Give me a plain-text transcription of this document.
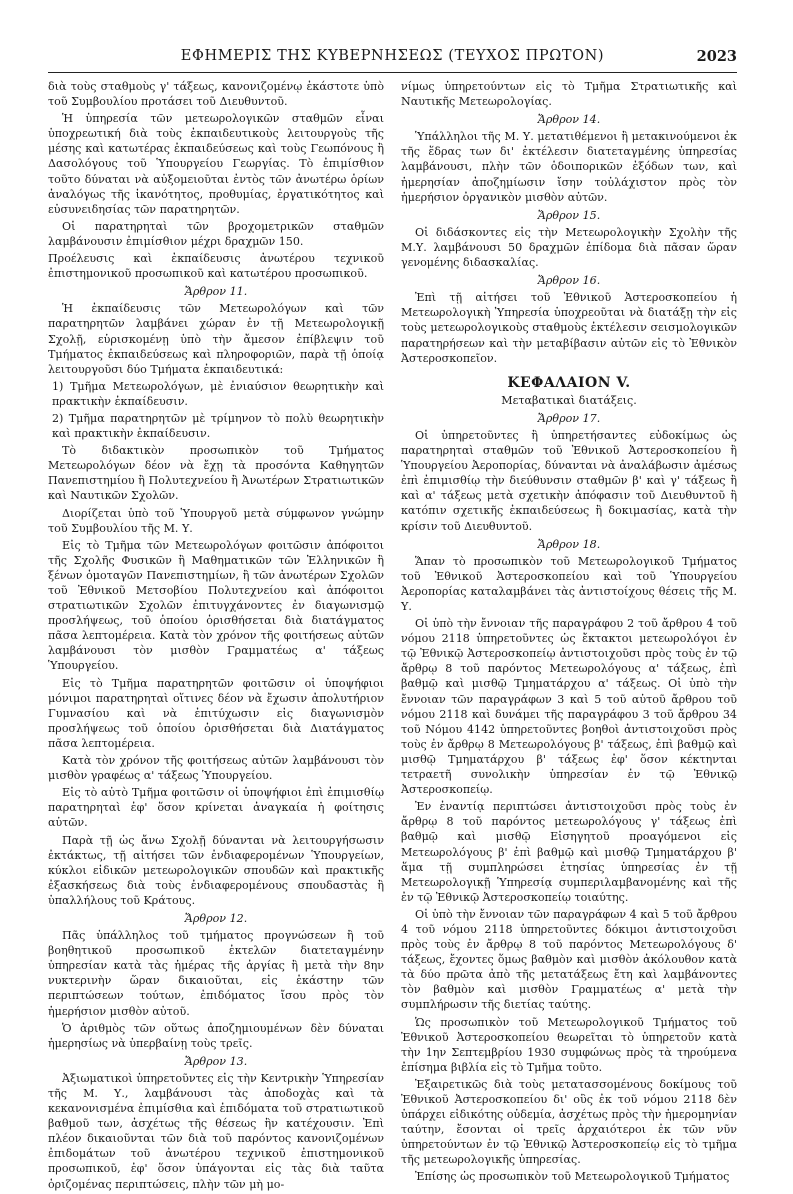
ΕΦΗΜΕΡΙΣ ΤΗΣ ΚΥΒΕΡΝΗΣΕΩΣ (ΤΕΥΧΟΣ ΠΡΩΤΟΝ)	2023

διὰ τοὺς σταθμοὺς γ' τάξεως, κανονιζομένῳ ἑκάστοτε ὑπὸ τοῦ Συμβουλίου προτάσει τοῦ Διευθυντοῦ.

Ἡ ὑπηρεσία τῶν μετεωρολογικῶν σταθμῶν εἶναι ὑποχρεωτική διὰ τοὺς ἐκπαιδευτικοὺς λειτουργοὺς τῆς μέσης καὶ κατωτέρας ἐκπαιδεύσεως καὶ τοὺς Γεωπόνους ἢ Δασολόγους τοῦ Ὑπουργείου Γεωργίας. Τὸ ἐπιμίσθιον τοῦτο δύναται νὰ αὐξομειοῦται ἐντὸς τῶν ἀνωτέρω ὁρίων ἀναλόγως τῆς ἱκανότητος, προθυμίας, ἐργατικότητος καὶ εὐσυνειδησίας τῶν παρατηρητῶν.

Οἱ παρατηρηταὶ τῶν βροχομετρικῶν σταθμῶν λαμβάνουσιν ἐπιμίσθιον μέχρι δραχμῶν 150.

Προέλευσις καὶ ἐκπαίδευσις ἀνωτέρου τεχνικοῦ ἐπιστημονικοῦ προσωπικοῦ καὶ κατωτέρου προσωπικοῦ.

Ἄρθρον 11.

Ἡ ἐκπαίδευσις τῶν Μετεωρολόγων καὶ τῶν παρατηρητῶν λαμβάνει χώραν ἐν τῇ Μετεωρολογικῇ Σχολῇ, εὑρισκομένῃ ὑπὸ τὴν ἄμεσον ἐπίβλεψιν τοῦ Τμήματος ἐκπαιδεύσεως καὶ πληροφοριῶν, παρὰ τῇ ὁποίᾳ λειτουργοῦσι δύο Τμήματα ἐκπαιδευτικά:

1) Τμῆμα Μετεωρολόγων, μὲ ἐνιαύσιον θεωρητικὴν καὶ πρακτικὴν ἐκπαίδευσιν.

2) Τμῆμα παρατηρητῶν μὲ τρίμηνον τὸ πολὺ θεωρητικὴν καὶ πρακτικὴν ἐκπαίδευσιν.

Τὸ διδακτικὸν προσωπικὸν τοῦ Τμήματος Μετεωρολόγων δέον νὰ ἔχῃ τὰ προσόντα Καθηγητῶν Πανεπιστημίου ἢ Πολυτεχνείου ἢ Ἀνωτέρων Στρατιωτικῶν καὶ Ναυτικῶν Σχολῶν.

Διορίζεται ὑπὸ τοῦ Ὑπουργοῦ μετὰ σύμφωνον γνώμην τοῦ Συμβουλίου τῆς Μ. Υ.

Εἰς τὸ Τμῆμα τῶν Μετεωρολόγων φοιτῶσιν ἀπόφοιτοι τῆς Σχολῆς Φυσικῶν ἢ Μαθηματικῶν τῶν Ἑλληνικῶν ἢ ξένων ὁμοταγῶν Πανεπιστημίων, ἢ τῶν ἀνωτέρων Σχολῶν τοῦ Ἐθνικοῦ Μετσοβίου Πολυτεχνείου καὶ ἀπόφοιτοι στρατιωτικῶν Σχολῶν ἐπιτυγχάνοντες ἐν διαγωνισμῷ προσλήψεως, τοῦ ὁποίου ὁρισθήσεται διὰ διατάγματος πᾶσα λεπτομέρεια. Κατὰ τὸν χρόνον τῆς φοιτήσεως αὐτῶν λαμβάνουσι τὸν μισθὸν Γραμματέως α' τάξεως Ὑπουργείου.

Εἰς τὸ Τμῆμα παρατηρητῶν φοιτῶσιν οἱ ὑποψήφιοι μόνιμοι παρατηρηταὶ οἵτινες δέον νὰ ἔχωσιν ἀπολυτήριον Γυμνασίου καὶ νὰ ἐπιτύχωσιν εἰς διαγωνισμὸν προσλήψεως τοῦ ὁποίου ὁρισθήσεται διὰ Διατάγματος πᾶσα λεπτομέρεια.

Κατὰ τὸν χρόνον τῆς φοιτήσεως αὐτῶν λαμβάνουσι τὸν μισθὸν γραφέως α' τάξεως Ὑπουργείου.

Εἰς τὸ αὐτὸ Τμῆμα φοιτῶσιν οἱ ὑποψήφιοι ἐπὶ ἐπιμισθίῳ παρατηρηταὶ ἐφ' ὅσον κρίνεται ἀναγκαία ἡ φοίτησις αὐτῶν.

Παρὰ τῇ ὡς ἄνω Σχολῇ δύνανται νὰ λειτουργήσωσιν ἐκτάκτως, τῇ αἰτήσει τῶν ἐνδιαφερομένων Ὑπουργείων, κύκλοι εἰδικῶν μετεωρολογικῶν σπουδῶν καὶ πρακτικῆς ἐξασκήσεως διὰ τοὺς ἐνδιαφερομένους σπουδαστὰς ἢ ὑπαλλήλους τοῦ Κράτους.

Ἄρθρον 12.

Πᾶς ὑπάλληλος τοῦ τμήματος προγνώσεων ἢ τοῦ βοηθητικοῦ προσωπικοῦ ἐκτελῶν διατεταγμένην ὑπηρεσίαν κατὰ τὰς ἡμέρας τῆς ἀργίας ἢ μετὰ τὴν 8ην νυκτερινὴν ὥραν δικαιοῦται, εἰς ἑκάστην τῶν περιπτώσεων τούτων, ἐπιδόματος ἴσου πρὸς τὸν ἡμερήσιον μισθὸν αὐτοῦ.

Ὁ ἀριθμὸς τῶν οὕτως ἀποζημιουμένων δὲν δύναται ἡμερησίως νὰ ὑπερβαίνῃ τοὺς τρεῖς.

Ἄρθρον 13.

Ἀξιωματικοὶ ὑπηρετοῦντες εἰς τὴν Κεντρικὴν Ὑπηρεσίαν τῆς Μ. Υ., λαμβάνουσι τὰς ἀποδοχὰς καὶ τὰ κεκανονισμένα ἐπιμίσθια καὶ ἐπιδόματα τοῦ στρατιωτικοῦ βαθμοῦ των, ἀσχέτως τῆς θέσεως ἣν κατέχουσιν. Ἐπὶ πλέον δικαιοῦνται τῶν διὰ τοῦ παρόντος κανονιζομένων ἐπιδομάτων τοῦ ἀνωτέρου τεχνικοῦ ἐπιστημονικοῦ προσωπικοῦ, ἐφ' ὅσον ὑπάγονται εἰς τὰς διὰ ταῦτα ὁριζομένας περιπτώσεις, πλὴν τῶν μὴ μο-

νίμως ὑπηρετούντων εἰς τὸ Τμῆμα Στρατιωτικῆς καὶ Ναυτικῆς Μετεωρολογίας.

Ἄρθρον 14.

Ὑπάλληλοι τῆς Μ. Υ. μετατιθέμενοι ἢ μετακινούμενοι ἐκ τῆς ἕδρας των δι' ἐκτέλεσιν διατεταγμένης ὑπηρεσίας λαμβάνουσι, πλὴν τῶν ὁδοιπορικῶν ἐξόδων των, καὶ ἡμερησίαν ἀποζημίωσιν ἴσην τοὐλάχιστον πρὸς τὸν ἡμερήσιον ὀργανικὸν μισθὸν αὐτῶν.

Ἄρθρον 15.

Οἱ διδάσκοντες εἰς τὴν Μετεωρολογικὴν Σχολὴν τῆς Μ.Υ. λαμβάνουσι 50 δραχμῶν ἐπίδομα διὰ πᾶσαν ὥραν γενομένης διδασκαλίας.

Ἄρθρον 16.

Ἐπὶ τῇ αἰτήσει τοῦ Ἐθνικοῦ Ἀστεροσκοπείου ἡ Μετεωρολογικὴ Ὑπηρεσία ὑποχρεοῦται νὰ διατάξῃ τὴν εἰς τοὺς μετεωρολογικοὺς σταθμοὺς ἐκτέλεσιν σεισμολογικῶν παρατηρήσεων καὶ τὴν μεταβίβασιν αὐτῶν εἰς τὸ Ἐθνικὸν Ἀστεροσκοπεῖον.

ΚΕΦΑΛΑΙΟΝ V.
Μεταβατικαὶ διατάξεις.
Ἄρθρον 17.

Οἱ ὑπηρετοῦντες ἢ ὑπηρετήσαντες εὐδοκίμως ὡς παρατηρηταὶ σταθμῶν τοῦ Ἐθνικοῦ Ἀστεροσκοπείου ἢ Ὑπουργείου Ἀεροπορίας, δύνανται νὰ ἀναλάβωσιν ἀμέσως ἐπὶ ἐπιμισθίῳ τὴν διεύθυνσιν σταθμῶν β' καὶ γ' τάξεως ἢ καὶ α' τάξεως μετὰ σχετικὴν ἀπόφασιν τοῦ Διευθυντοῦ ἢ κατόπιν σχετικῆς ἐκπαιδεύσεως ἢ δοκιμασίας, κατὰ τὴν κρίσιν τοῦ Διευθυντοῦ.

Ἄρθρον 18.

Ἅπαν τὸ προσωπικὸν τοῦ Μετεωρολογικοῦ Τμήματος τοῦ Ἐθνικοῦ Ἀστεροσκοπείου καὶ τοῦ Ὑπουργείου Ἀεροπορίας καταλαμβάνει τὰς ἀντιστοίχους θέσεις τῆς Μ. Υ.

Οἱ ὑπὸ τὴν ἔννοιαν τῆς παραγράφου 2 τοῦ ἄρθρου 4 τοῦ νόμου 2118 ὑπηρετοῦντες ὡς ἔκτακτοι μετεωρολόγοι ἐν τῷ Ἐθνικῷ Ἀστεροσκοπείῳ ἀντιστοιχοῦσι πρὸς τοὺς ἐν τῷ ἄρθρῳ 8 τοῦ παρόντος Μετεωρολόγους α' τάξεως, ἐπὶ βαθμῷ καὶ μισθῷ Τμηματάρχου α' τάξεως. Οἱ ὑπὸ τὴν ἔννοιαν τῶν παραγράφων 3 καὶ 5 τοῦ αὐτοῦ ἄρθρου τοῦ νόμου 2118 καὶ δυνάμει τῆς παραγράφου 3 τοῦ ἄρθρου 34 τοῦ Νόμου 4142 ὑπηρετοῦντες βοηθοὶ ἀντιστοιχοῦσι πρὸς τοὺς ἐν ἄρθρῳ 8 Μετεωρολόγους β' τάξεως, ἐπὶ βαθμῷ καὶ μισθῷ Τμηματάρχου β' τάξεως ἐφ' ὅσον κέκτηνται τετραετῆ συνολικὴν ὑπηρεσίαν ἐν τῷ Ἐθνικῷ Ἀστεροσκοπείῳ.

Ἐν ἐναντίᾳ περιπτώσει ἀντιστοιχοῦσι πρὸς τοὺς ἐν ἄρθρῳ 8 τοῦ παρόντος μετεωρολόγους γ' τάξεως ἐπὶ βαθμῷ καὶ μισθῷ Εἰσηγητοῦ προαγόμενοι εἰς Μετεωρολόγους β' ἐπὶ βαθμῷ καὶ μισθῷ Τμηματάρχου β' ἅμα τῇ συμπληρώσει ἐτησίας ὑπηρεσίας ἐν τῇ Μετεωρολογικῇ Ὑπηρεσίᾳ συμπεριλαμβανομένης καὶ τῆς ἐν τῷ Ἐθνικῷ Ἀστεροσκοπείῳ τοιαύτης.

Οἱ ὑπὸ τὴν ἔννοιαν τῶν παραγράφων 4 καὶ 5 τοῦ ἄρθρου 4 τοῦ νόμου 2118 ὑπηρετοῦντες δόκιμοι ἀντιστοιχοῦσι πρὸς τοὺς ἐν ἄρθρῳ 8 τοῦ παρόντος Μετεωρολόγους δ' τάξεως, ἔχοντες ὅμως βαθμὸν καὶ μισθὸν ἀκόλουθον κατὰ τὰ δύο πρῶτα ἀπὸ τῆς μετατάξεως ἔτη καὶ λαμβάνοντες τὸν βαθμὸν καὶ μισθὸν Γραμματέως α' μετὰ τὴν συμπλήρωσιν τῆς διετίας ταύτης.

Ὡς προσωπικὸν τοῦ Μετεωρολογικοῦ Τμήματος τοῦ Ἐθνικοῦ Ἀστεροσκοπείου θεωρεῖται τὸ ὑπηρετοῦν κατὰ τὴν 1ην Σεπτεμβρίου 1930 συμφώνως πρὸς τὰ τηρούμενα ἐπίσημα βιβλία εἰς τὸ Τμῆμα τοῦτο.

Ἐξαιρετικῶς διὰ τοὺς μετατασσομένους δοκίμους τοῦ Ἐθνικοῦ Ἀστεροσκοπείου δι' οὓς ἐκ τοῦ νόμου 2118 δὲν ὑπάρχει εἰδικότης οὐδεμία, ἀσχέτως πρὸς τὴν ἡμερομηνίαν ταύτην, ἔσονται οἱ τρεῖς ἀρχαιότεροι ἐκ τῶν νῦν ὑπηρετούντων ἐν τῷ Ἐθνικῷ Ἀστεροσκοπείῳ εἰς τὸ τμῆμα τῆς μετεωρολογικῆς ὑπηρεσίας.

Ἐπίσης ὡς προσωπικὸν τοῦ Μετεωρολογικοῦ Τμήματος
